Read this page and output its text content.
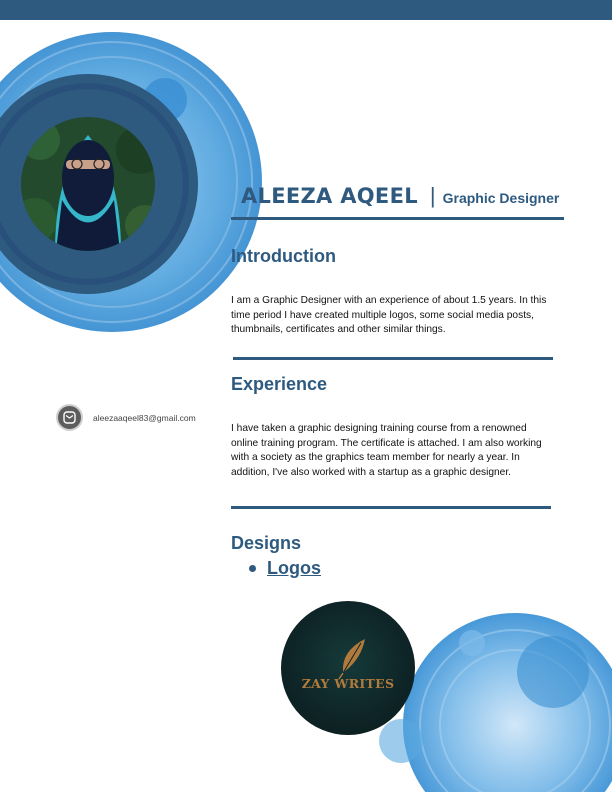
ALEEZA AQEEL | Graphic Designer
Introduction
I am a Graphic Designer with an experience of about 1.5 years. In this time period I have created multiple logos, some social media posts, thumbnails, certificates and other similar things.
Experience
I have taken a graphic designing training course from a renowned online training program. The certificate is attached. I am also working with a society as the graphics team member for nearly a year. In addition, I've also worked with a startup as a graphic designer.
Designs
Logos
ZAY WRITES
aleezaaqeel83@gmail.com
